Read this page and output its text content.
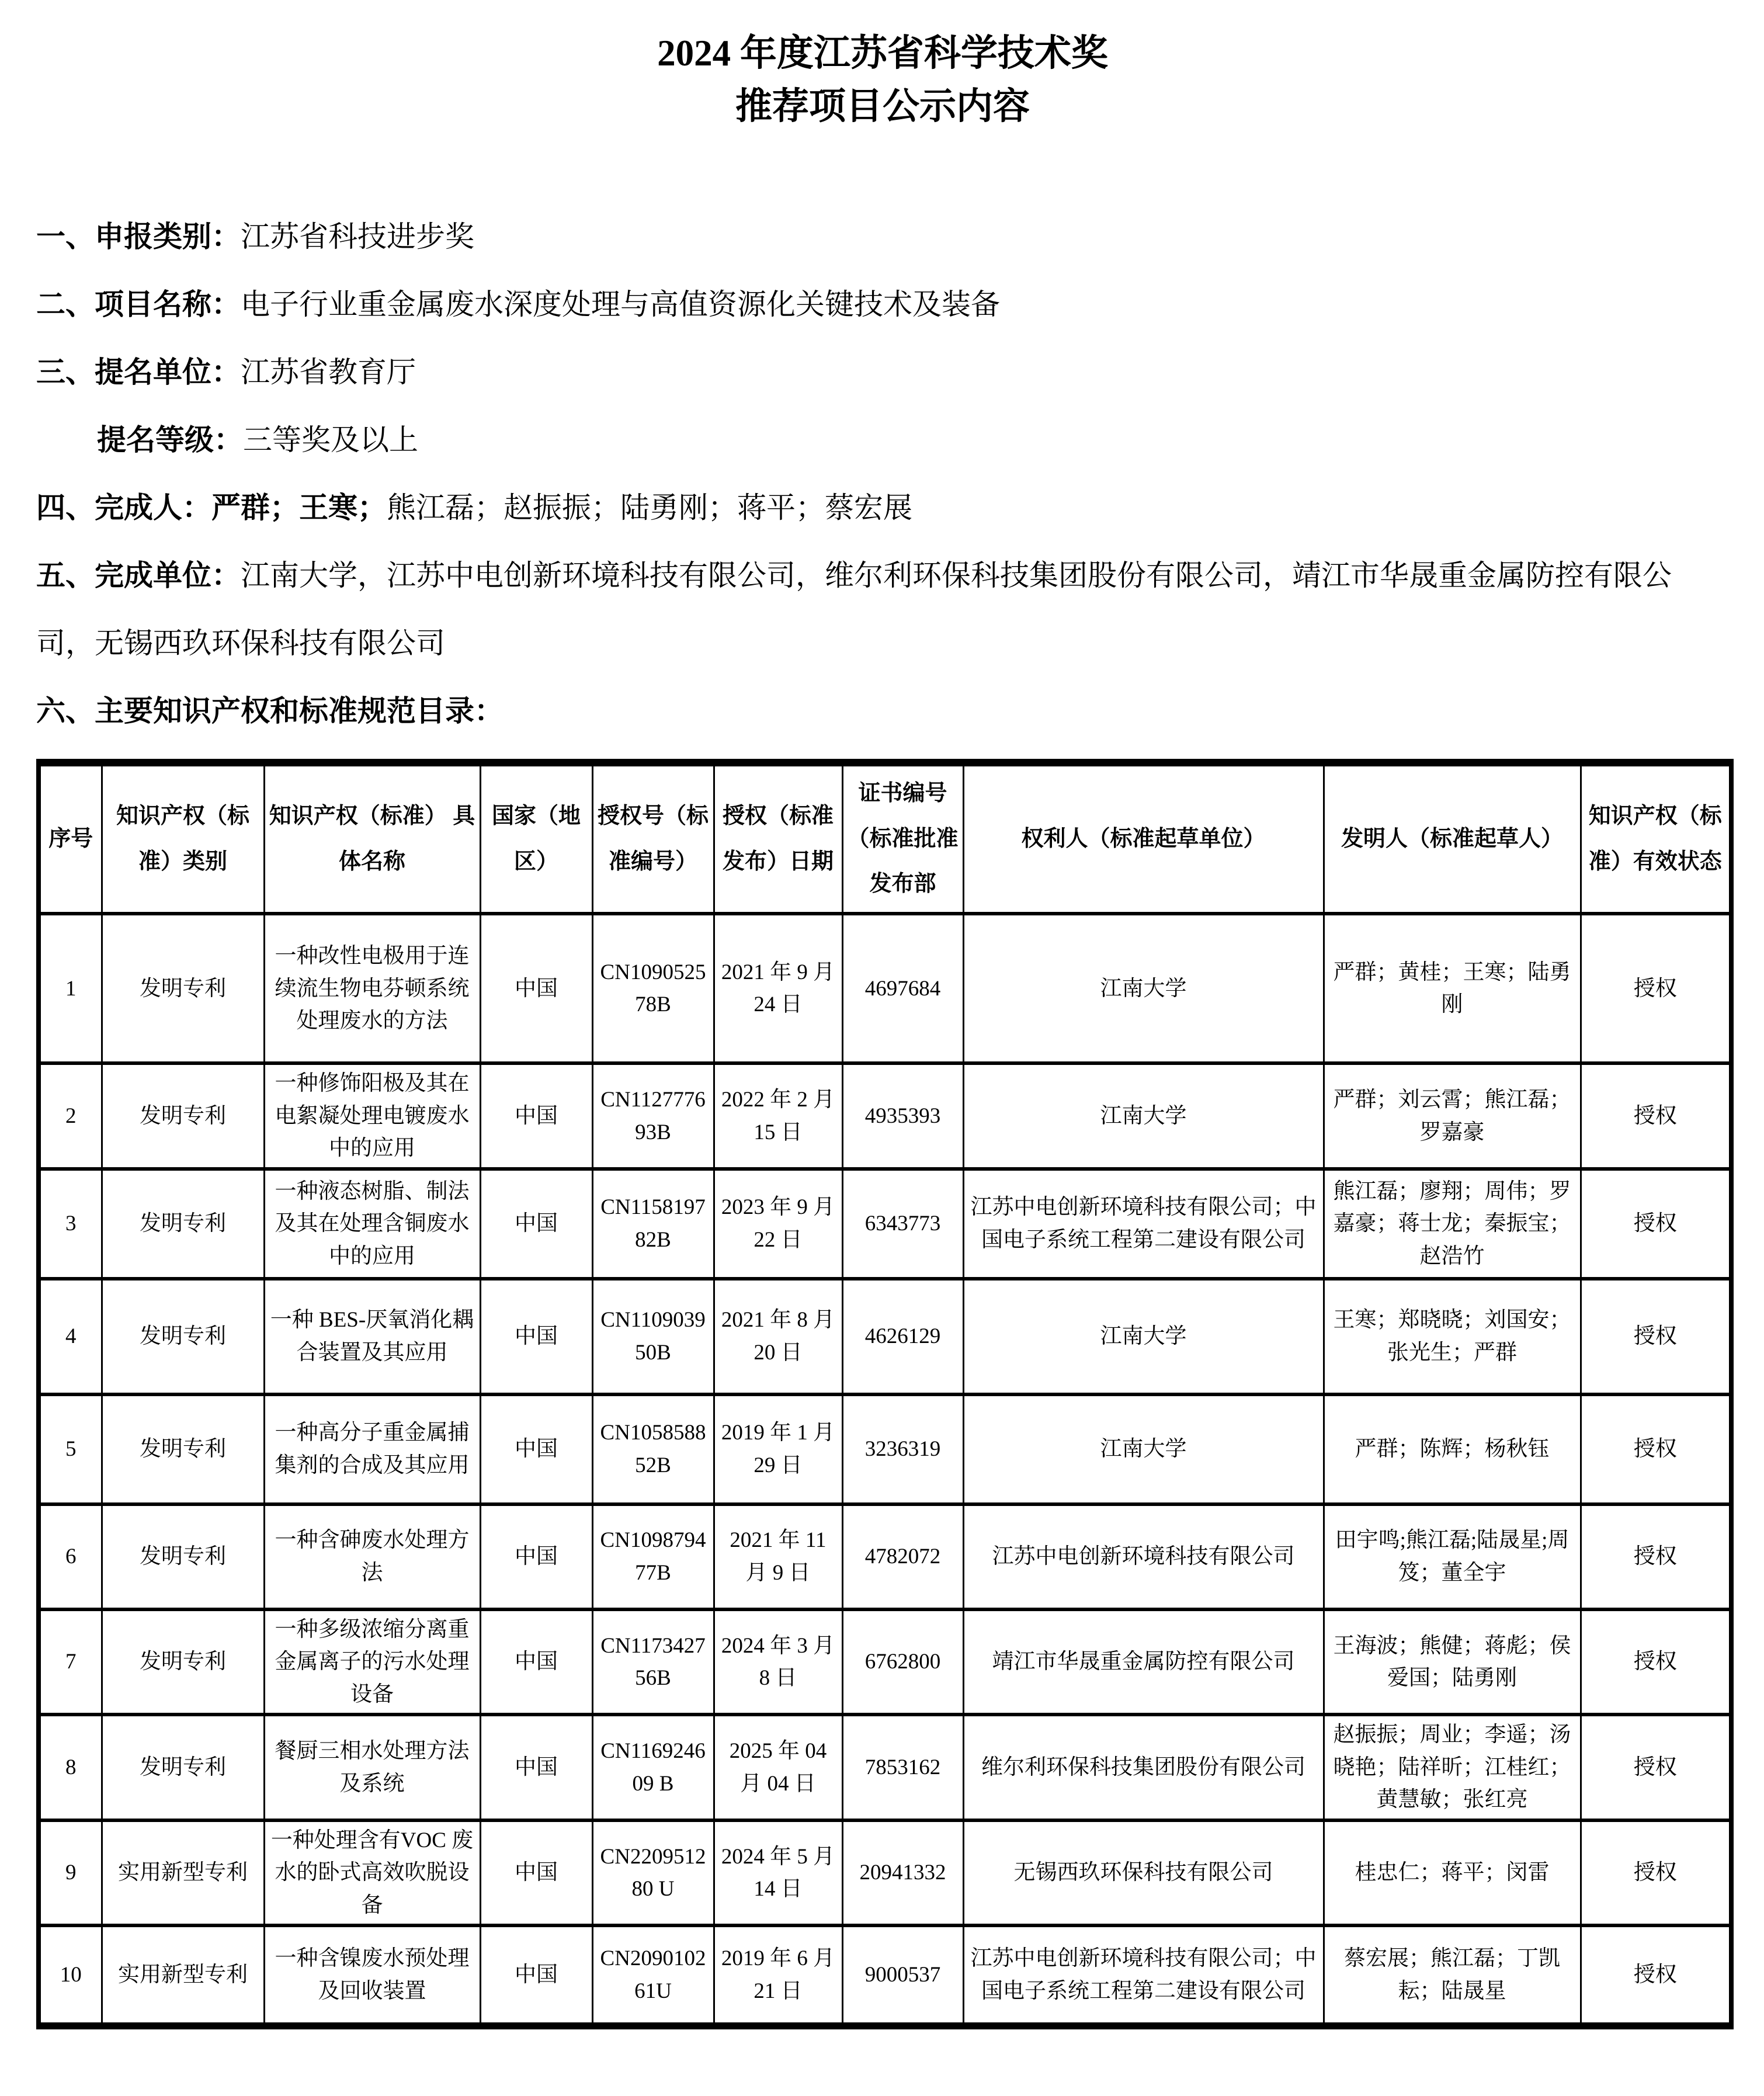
2024 年度江苏省科学技术奖
推荐项目公示内容

一、申报类别：江苏省科技进步奖

二、项目名称：电子行业重金属废水深度处理与高值资源化关键技术及装备

三、提名单位：江苏省教育厅

提名等级：三等奖及以上

四、完成人：严群；王寒；熊江磊；赵振振；陆勇刚；蒋平；蔡宏展

五、完成单位：江南大学，江苏中电创新环境科技有限公司，维尔利环保科技集团股份有限公司，靖江市华晟重金属防控有限公司，无锡西玖环保科技有限公司

六、主要知识产权和标准规范目录：

序号	知识产权（标准）类别	知识产权（标准） 具体名称	国家（地区）	授权号（标准编号）	授权（标准发布）日期	证书编号（标准批准发布部	权利人（标准起草单位）	发明人（标准起草人）	知识产权（标准）有效状态
1	发明专利	一种改性电极用于连续流生物电芬顿系统处理废水的方法	中国	CN109052578B	2021 年 9 月 24 日	4697684	江南大学	严群；黄桂；王寒；陆勇刚	授权
2	发明专利	一种修饰阳极及其在电絮凝处理电镀废水中的应用	中国	CN112777693B	2022 年 2 月 15 日	4935393	江南大学	严群；刘云霄；熊江磊；罗嘉豪	授权
3	发明专利	一种液态树脂、制法及其在处理含铜废水中的应用	中国	CN115819782B	2023 年 9 月 22 日	6343773	江苏中电创新环境科技有限公司；中国电子系统工程第二建设有限公司	熊江磊；廖翔；周伟；罗嘉豪；蒋士龙；秦振宝；赵浩竹	授权
4	发明专利	一种 BES-厌氧消化耦合装置及其应用	中国	CN110903950B	2021 年 8 月 20 日	4626129	江南大学	王寒；郑晓晓；刘国安；张光生；严群	授权
5	发明专利	一种高分子重金属捕集剂的合成及其应用	中国	CN105858852B	2019 年 1 月 29 日	3236319	江南大学	严群；陈辉；杨秋钰	授权
6	发明专利	一种含砷废水处理方法	中国	CN109879477B	2021 年 11 月 9 日	4782072	江苏中电创新环境科技有限公司	田宇鸣;熊江磊;陆晟星;周笈；董全宇	授权
7	发明专利	一种多级浓缩分离重金属离子的污水处理设备	中国	CN117342756B	2024 年 3 月 8 日	6762800	靖江市华晟重金属防控有限公司	王海波；熊健；蒋彪；侯爱国；陆勇刚	授权
8	发明专利	餐厨三相水处理方法及系统	中国	CN116924609 B	2025 年 04 月 04 日	7853162	维尔利环保科技集团股份有限公司	赵振振；周业；李遥；汤晓艳；陆祥昕；江桂红；黄慧敏；张红亮	授权
9	实用新型专利	一种处理含有VOC 废水的卧式高效吹脱设备	中国	CN220951280 U	2024 年 5 月 14 日	20941332	无锡西玖环保科技有限公司	桂忠仁；蒋平；闵雷	授权
10	实用新型专利	一种含镍废水预处理及回收装置	中国	CN209010261U	2019 年 6 月 21 日	9000537	江苏中电创新环境科技有限公司；中国电子系统工程第二建设有限公司	蔡宏展；熊江磊；丁凯耘；陆晟星	授权
